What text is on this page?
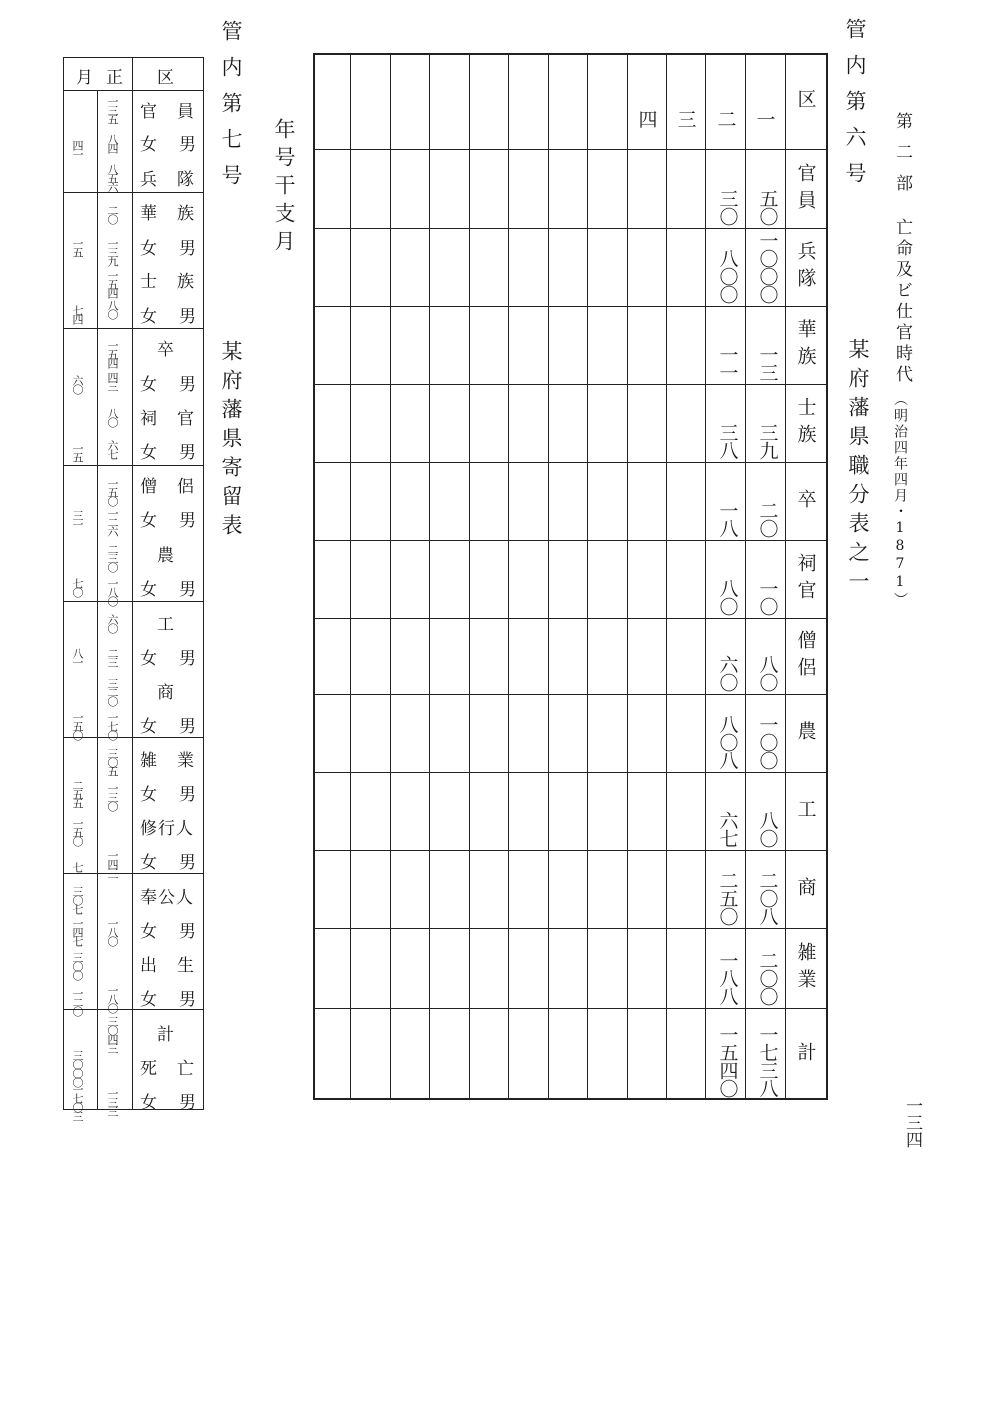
管内第六号
某府藩県職分表之一
第二部
亡命及ビ仕官時代
（明治四年四月・1871）
一三四
区
官員
兵隊
華族
士族
卒
祠官
僧侶
農
工
商
雑業
計
一
二
三
四
五〇
三〇
一〇〇〇
八〇〇
一三
一一
三九
三八
二〇
一八
一〇
八〇
八〇
六〇
一〇〇
八〇八
八〇
六七
二〇八
二五〇
二〇〇
一八八
一七三八
一五四〇
年号干支月
管内第七号
某府藩県寄留表
区
月 正
官員
女 男
兵隊
華族
女 男
士族
女 男
卒
女 男
祠官
女 男
僧侶
女 男
農
女 男
工
女 男
商
女 男
雑業
女 男
修行人
女 男
奉公人
女 男
出生
女 男
計
死亡
女 男
一三五
八四
四一
八五六
二〇
一三九
一五
八〇
一五四
七四
一五四
四三
六〇
八〇
六七
一五
一二六
一五〇
三一
一八〇
二三〇
七〇
二三
六〇
八一
一七〇
三二〇
一五〇
一三〇
三〇五
二五五
一四三
一五〇
七
一八〇
三〇七
一四七
一八〇
三〇〇
一二〇
三〇四三
三〇〇〇
一三三
一七〇三
